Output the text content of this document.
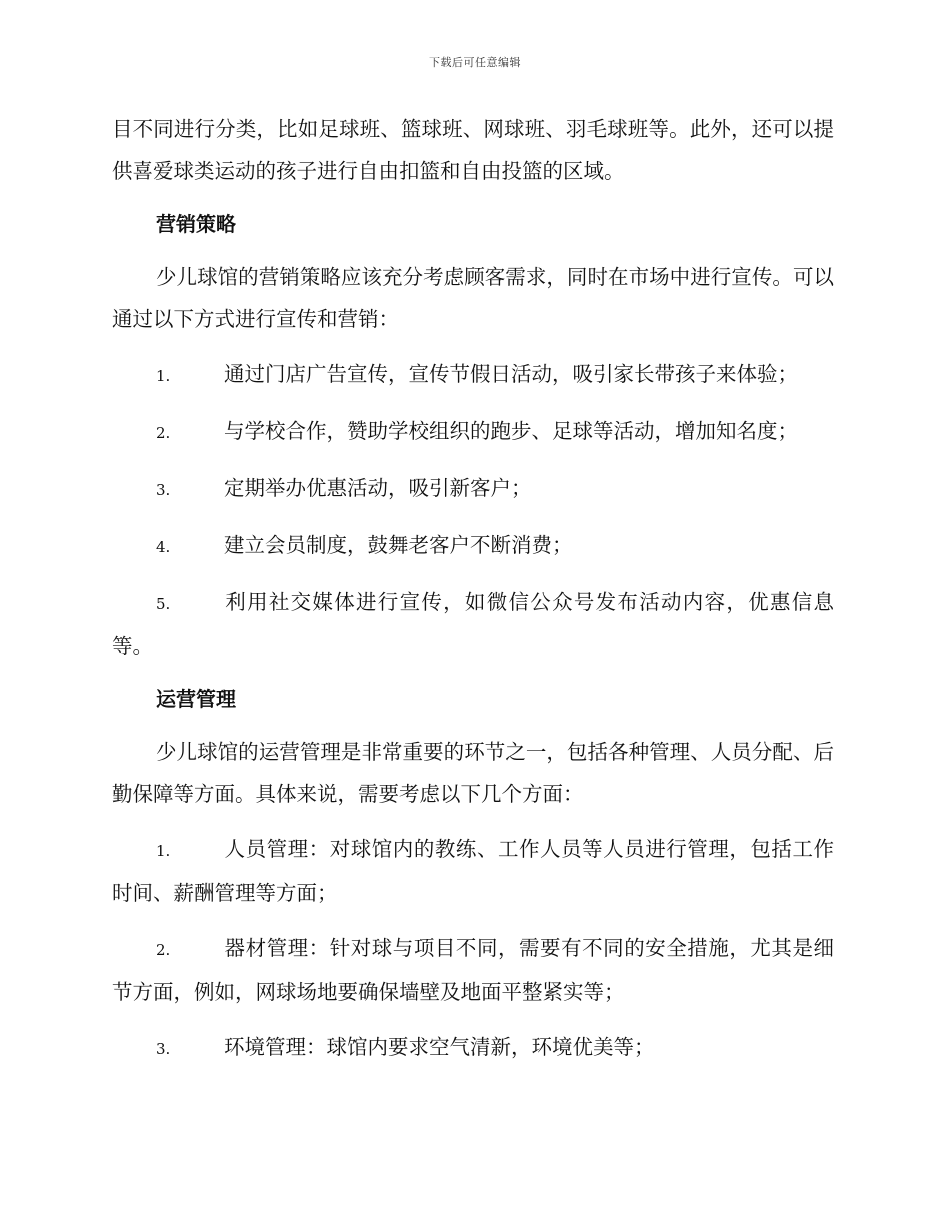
下载后可任意编辑

目不同进行分类，比如足球班、篮球班、网球班、羽毛球班等。此外，还可以提供喜爱球类运动的孩子进行自由扣篮和自由投篮的区域。

营销策略

少儿球馆的营销策略应该充分考虑顾客需求，同时在市场中进行宣传。可以通过以下方式进行宣传和营销：

1.	通过门店广告宣传，宣传节假日活动，吸引家长带孩子来体验；
2.	与学校合作，赞助学校组织的跑步、足球等活动，增加知名度；
3.	定期举办优惠活动，吸引新客户；
4.	建立会员制度，鼓舞老客户不断消费；
5.	利用社交媒体进行宣传，如微信公众号发布活动内容，优惠信息等。
运营管理

少儿球馆的运营管理是非常重要的环节之一，包括各种管理、人员分配、后勤保障等方面。具体来说，需要考虑以下几个方面：

1.	人员管理：对球馆内的教练、工作人员等人员进行管理，包括工作时间、薪酬管理等方面；
2.	器材管理：针对球与项目不同，需要有不同的安全措施，尤其是细节方面，例如，网球场地要确保墙壁及地面平整紧实等；
3.	环境管理：球馆内要求空气清新，环境优美等；
